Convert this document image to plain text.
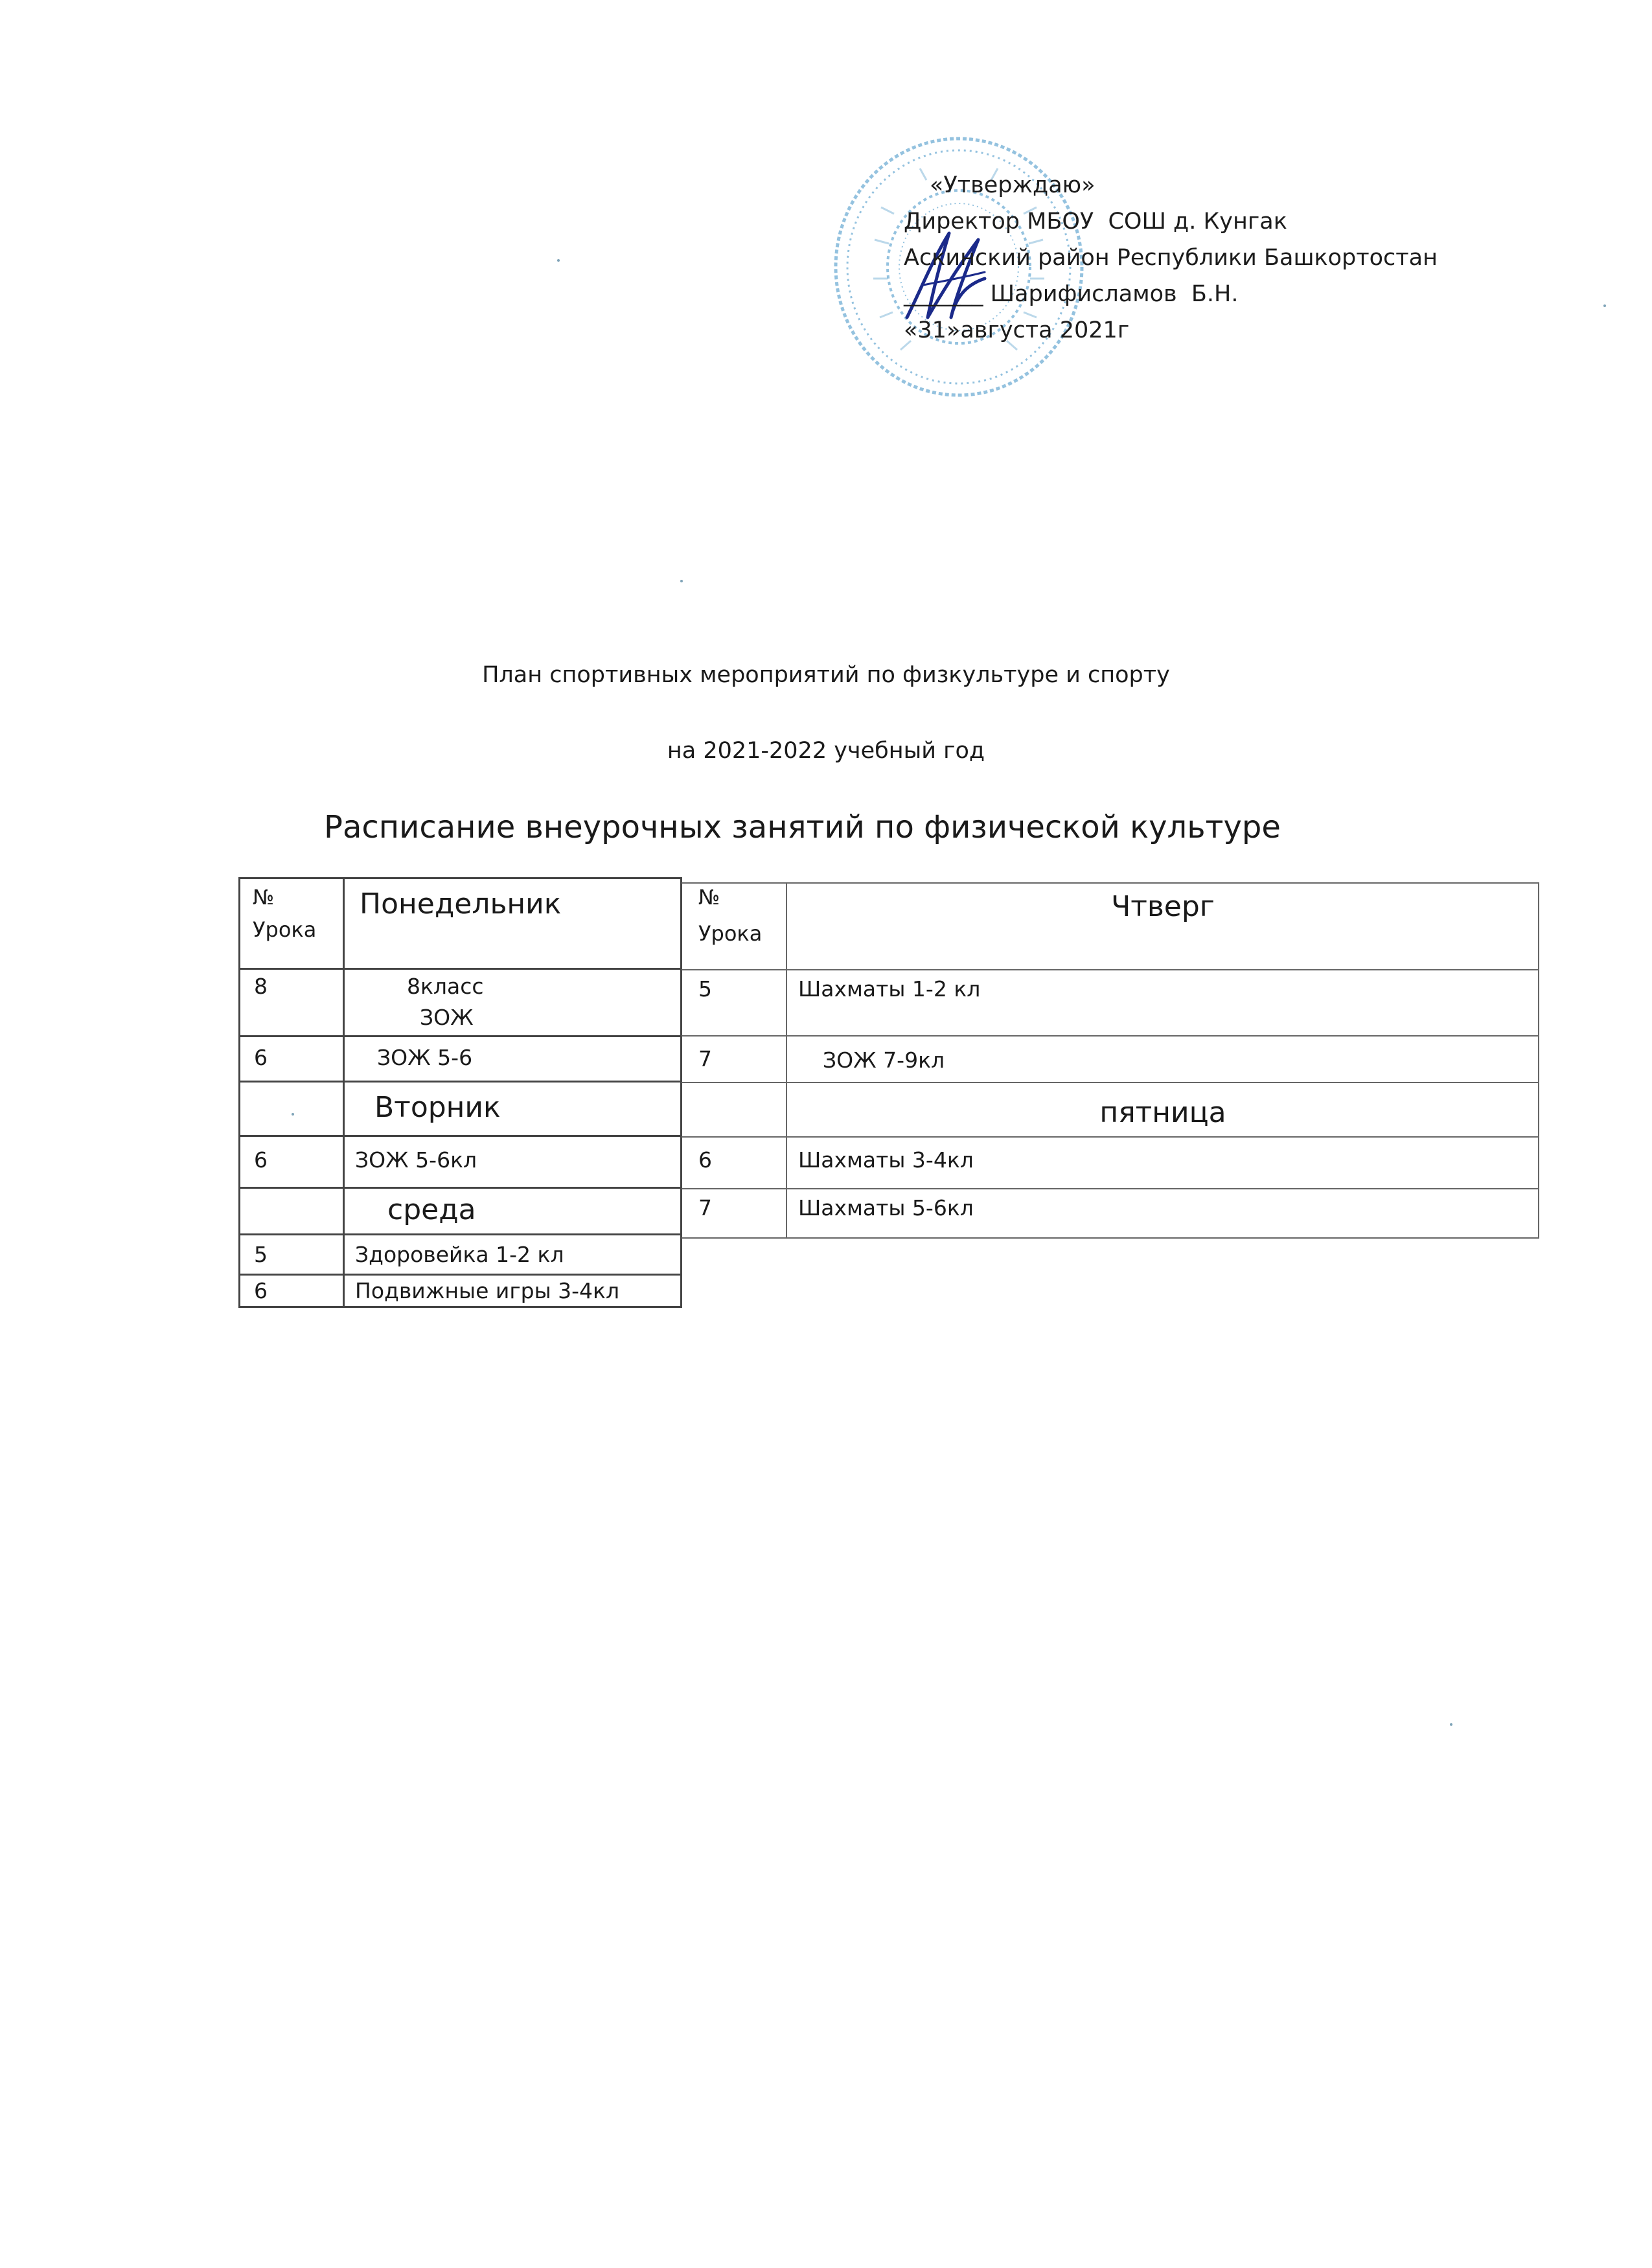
«Утверждаю»
Директор МБОУ  СОШ д. Кунгак
Аскинский район Республики Башкортостан
_______ Шарифисламов  Б.Н.
«31»августа 2021г
План спортивных мероприятий по физкультуре и спорту
на 2021-2022 учебный год
Расписание внеурочных занятий по физической культуре
№
Урока
Понедельник
8	8класс
ЗОЖ
6	ЗОЖ 5-6
Вторник
6	ЗОЖ 5-6кл
среда
5	Здоровейка 1-2 кл
6	Подвижные игры 3-4кл
№
Урока
Чтверг
5	Шахматы 1-2 кл
7	ЗОЖ 7-9кл
пятница
6	Шахматы 3-4кл
7	Шахматы 5-6кл
